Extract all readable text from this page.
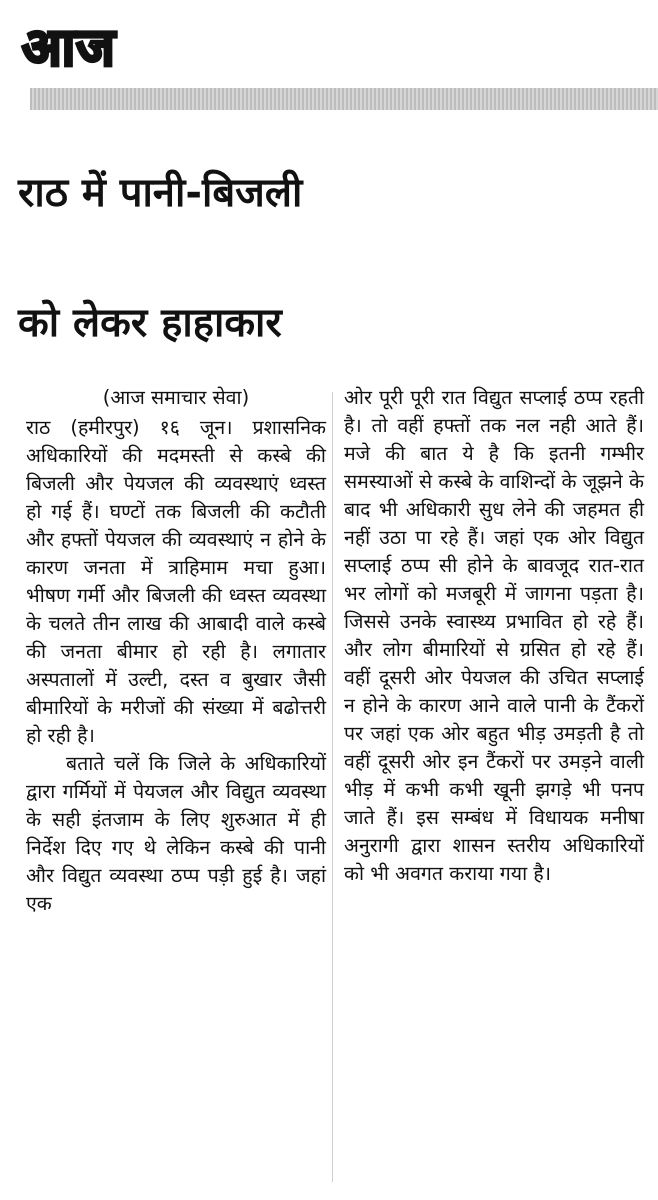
आज
राठ में पानी-बिजली
को लेकर हाहाकार
(आज समाचार सेवा)

राठ (हमीरपुर) १६ जून। प्रशासनिक अधिकारियों की मदमस्ती से कस्बे की बिजली और पेयजल की व्यवस्थाएं ध्वस्त हो गई हैं। घण्टों तक बिजली की कटौती और हफ्तों पेयजल की व्यवस्थाएं न होने के कारण जनता में त्राहिमाम मचा हुआ। भीषण गर्मी और बिजली की ध्वस्त व्यवस्था के चलते तीन लाख की आबादी वाले कस्बे की जनता बीमार हो रही है। लगातार अस्पतालों में उल्टी, दस्त व बुखार जैसी बीमारियों के मरीजों की संख्या में बढोत्तरी हो रही है।

बताते चलें कि जिले के अधिकारियों द्वारा गर्मियों में पेयजल और विद्युत व्यवस्था के सही इंतजाम के लिए शुरुआत में ही निर्देश दिए गए थे लेकिन कस्बे की पानी और विद्युत व्यवस्था ठप्प पड़ी हुई है। जहां एक

ओर पूरी पूरी रात विद्युत सप्लाई ठप्प रहती है। तो वहीं हफ्तों तक नल नही आते हैं। मजे की बात ये है कि इतनी गम्भीर समस्याओं से कस्बे के वाशिन्दों के जूझने के बाद भी अधिकारी सुध लेने की जहमत ही नहीं उठा पा रहे हैं। जहां एक ओर विद्युत सप्लाई ठप्प सी होने के बावजूद रात-रात भर लोगों को मजबूरी में जागना पड़ता है। जिससे उनके स्वास्थ्य प्रभावित हो रहे हैं। और लोग बीमारियों से ग्रसित हो रहे हैं। वहीं दूसरी ओर पेयजल की उचित सप्लाई न होने के कारण आने वाले पानी के टैंकरों पर जहां एक ओर बहुत भीड़ उमड़ती है तो वहीं दूसरी ओर इन टैंकरों पर उमड़ने वाली भीड़ में कभी कभी खूनी झगड़े भी पनप जाते हैं। इस सम्बंध में विधायक मनीषा अनुरागी द्वारा शासन स्तरीय अधिकारियों को भी अवगत कराया गया है।
